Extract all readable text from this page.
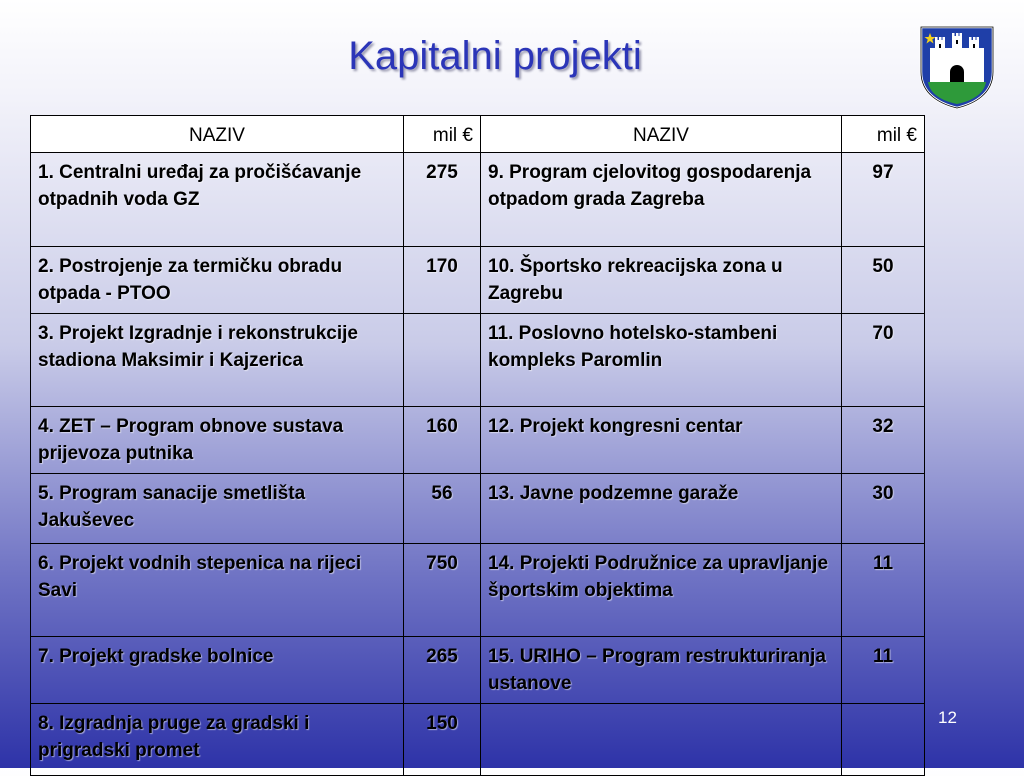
Kapitalni projekti
NAZIV	mil €	NAZIV	mil €
1. Centralni uređaj za pročišćavanje otpadnih voda GZ	275	9. Program cjelovitog gospodarenja otpadom grada Zagreba	97
2. Postrojenje za termičku obradu otpada - PTOO	170	10. Športsko rekreacijska zona u Zagrebu	50
3. Projekt Izgradnje i rekonstrukcije stadiona Maksimir i Kajzerica		11. Poslovno hotelsko-stambeni kompleks Paromlin	70
4. ZET – Program obnove sustava prijevoza putnika	160	12. Projekt kongresni centar	32
5. Program sanacije smetlišta Jakuševec	56	13. Javne podzemne garaže	30
6. Projekt vodnih stepenica na rijeci Savi	750	14. Projekti Podružnice za upravljanje športskim objektima	11
7. Projekt gradske bolnice	265	15. URIHO – Program restrukturiranja ustanove	11
8. Izgradnja pruge za gradski i prigradski promet	150			12
